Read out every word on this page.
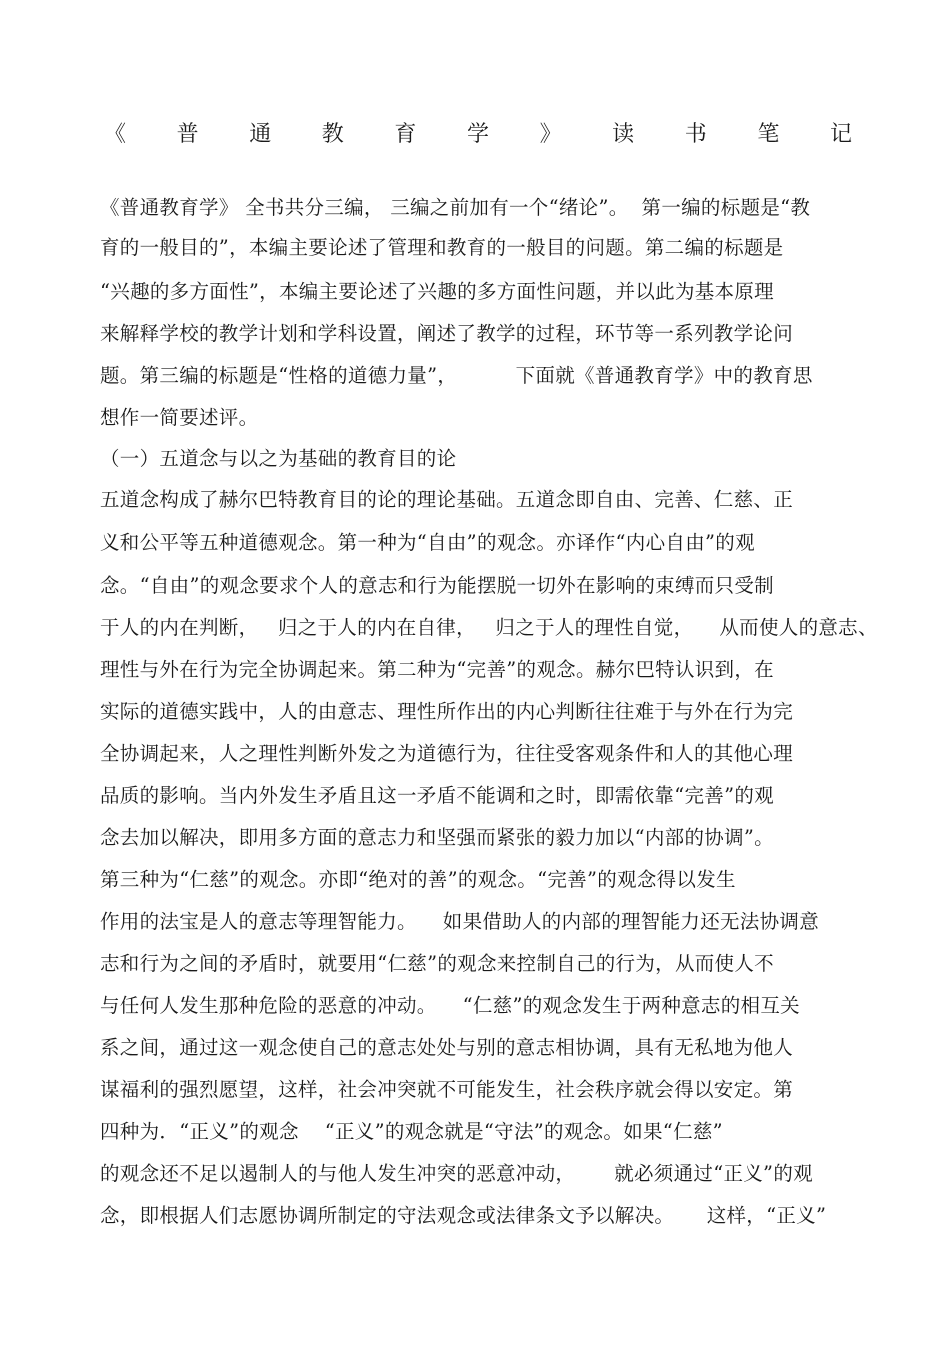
《 普 通 教 育 学 》 读 书 笔 记
《普通教育学》 全书共分三编， 三编之前加有一个“绪论”。  第一编的标题是“教
育的一般目的”，本编主要论述了管理和教育的一般目的问题。第二编的标题是
“兴趣的多方面性”，本编主要论述了兴趣的多方面性问题，并以此为基本原理
来解释学校的教学计划和学科设置，阐述了教学的过程，环节等一系列教学论问
题。第三编的标题是“性格的道德力量”，         下面就《普通教育学》中的教育思
想作一简要述评。
（一）五道念与以之为基础的教育目的论
五道念构成了赫尔巴特教育目的论的理论基础。五道念即自由、完善、仁慈、正
义和公平等五种道德观念。第一种为“自由”的观念。亦译作“内心自由”的观
念。“自由”的观念要求个人的意志和行为能摆脱一切外在影响的束缚而只受制
于人的内在判断，   归之于人的内在自律，   归之于人的理性自觉，    从而使人的意志、
理性与外在行为完全协调起来。第二种为“完善”的观念。赫尔巴特认识到，在
实际的道德实践中，人的由意志、理性所作出的内心判断往往难于与外在行为完
全协调起来，人之理性判断外发之为道德行为，往往受客观条件和人的其他心理
品质的影响。当内外发生矛盾且这一矛盾不能调和之时，即需依靠“完善”的观
念去加以解决，即用多方面的意志力和坚强而紧张的毅力加以“内部的协调”。
第三种为“仁慈”的观念。亦即“绝对的善”的观念。“完善”的观念得以发生
作用的法宝是人的意志等理智能力。    如果借助人的内部的理智能力还无法协调意
志和行为之间的矛盾时，就要用“仁慈”的观念来控制自己的行为，从而使人不
与任何人发生那种危险的恶意的冲动。    “仁慈”的观念发生于两种意志的相互关
系之间，通过这一观念使自己的意志处处与别的意志相协调，具有无私地为他人
谋福利的强烈愿望，这样，社会冲突就不可能发生，社会秩序就会得以安定。第
四种为．“正义”的观念    “正义”的观念就是“守法”的观念。如果“仁慈”
的观念还不足以遏制人的与他人发生冲突的恶意冲动，      就必须通过“正义”的观
念，即根据人们志愿协调所制定的守法观念或法律条文予以解决。     这样，“正义”
